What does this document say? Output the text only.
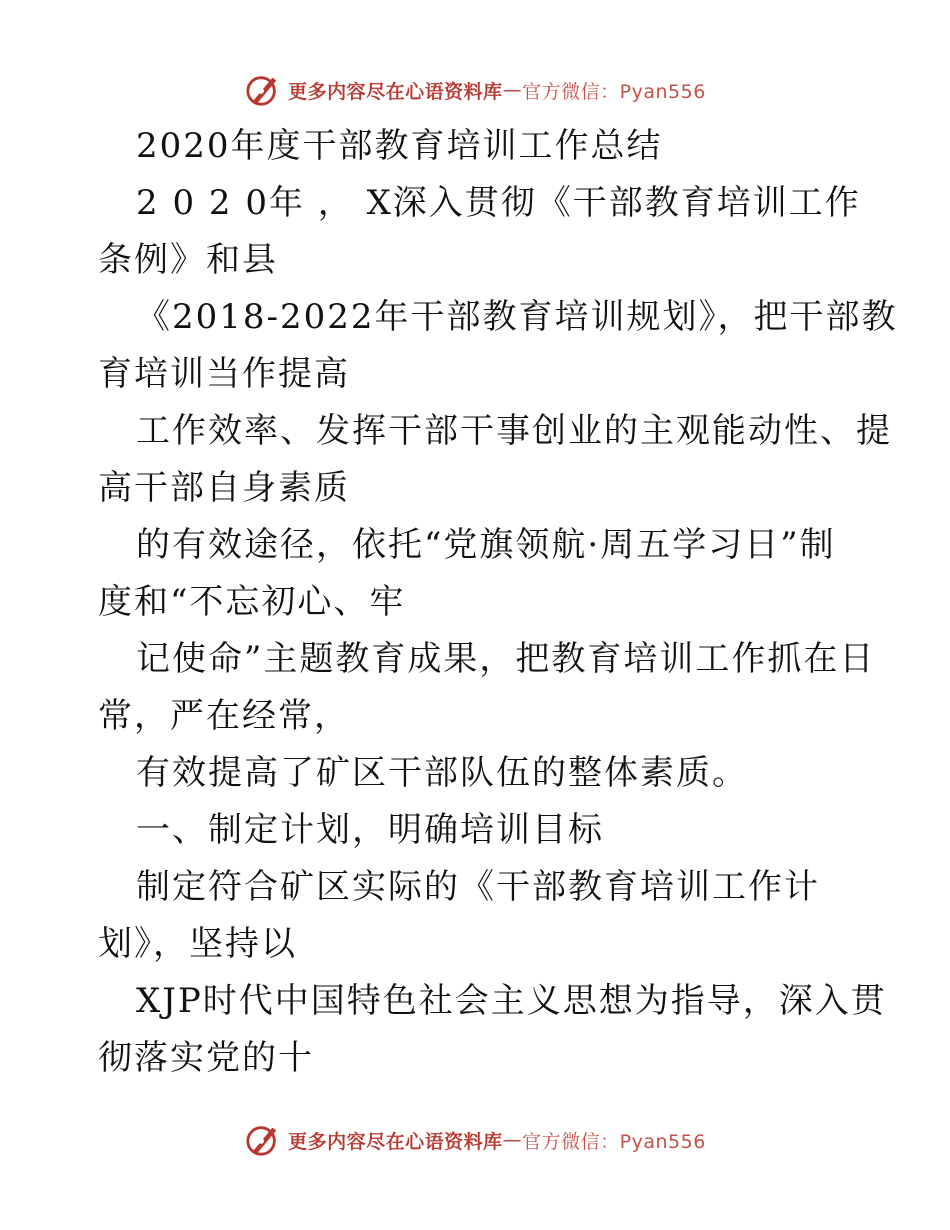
更多内容尽在心语资料库 — 官方微信：Pyan556
2020年度干部教育培训工作总结
2 0 2 0年 ， X深入贯彻《干部教育培训工作
条例》和县
《2018-2022年干部教育培训规划》，把干部教
育培训当作提高
工作效率、发挥干部干事创业的主观能动性、提
高干部自身素质
的有效途径，依托“党旗领航·周五学习日”制
度和“不忘初心、牢
记使命”主题教育成果，把教育培训工作抓在日
常，严在经常，
有效提高了矿区干部队伍的整体素质。
一、制定计划，明确培训目标
制定符合矿区实际的《干部教育培训工作计
划》，坚持以
XJP时代中国特色社会主义思想为指导，深入贯
彻落实党的十
更多内容尽在心语资料库 — 官方微信：Pyan556
